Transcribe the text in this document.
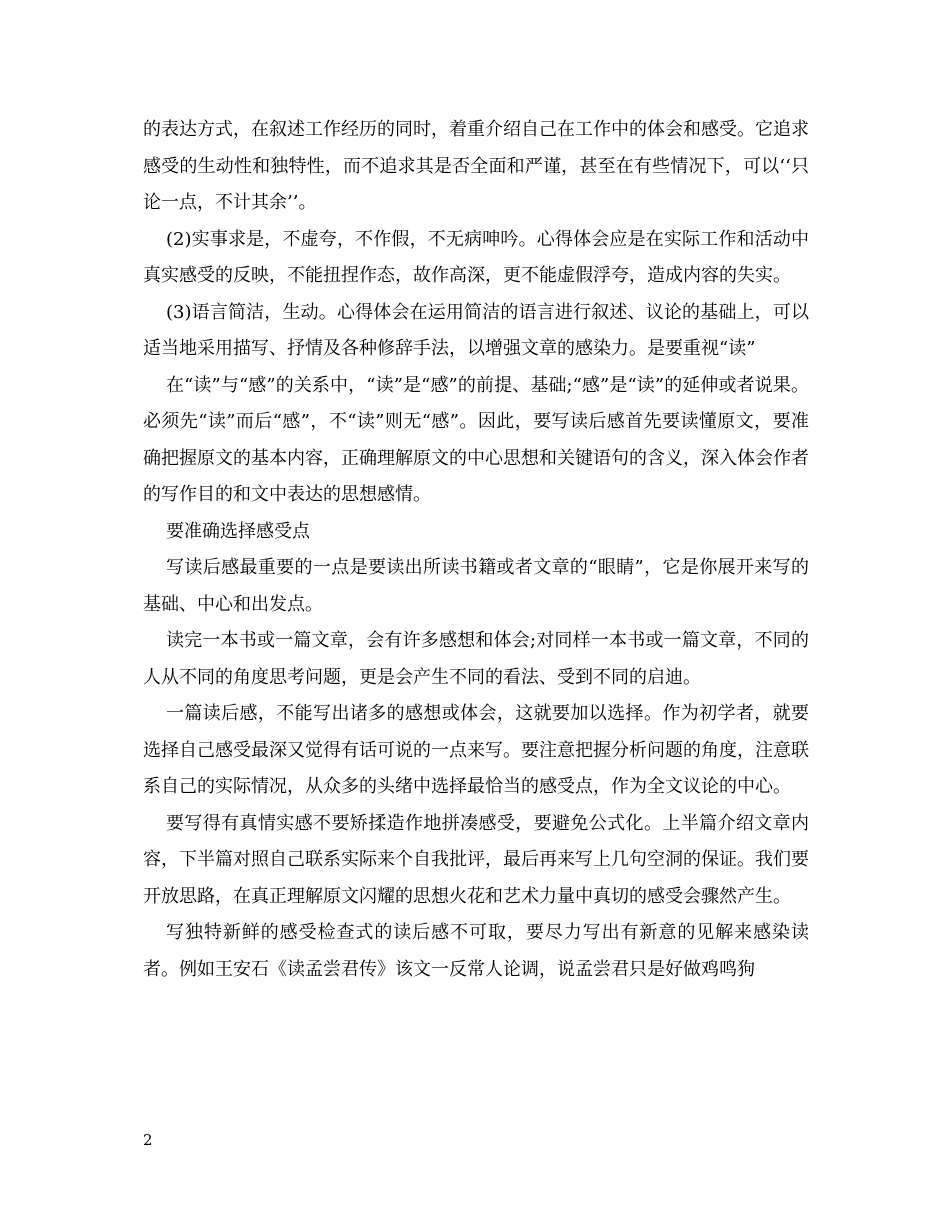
的表达方式，在叙述工作经历的同时，着重介绍自己在工作中的体会和感受。它追求感受的生动性和独特性，而不追求其是否全面和严谨，甚至在有些情况下，可以‘‘只论一点，不计其余’’。

(2)实事求是，不虚夸，不作假，不无病呻吟。心得体会应是在实际工作和活动中真实感受的反映，不能扭捏作态，故作高深，更不能虚假浮夸，造成内容的失实。

(3)语言简洁，生动。心得体会在运用简洁的语言进行叙述、议论的基础上，可以适当地采用描写、抒情及各种修辞手法，以增强文章的感染力。是要重视“读”

在“读”与“感”的关系中，“读”是“感”的前提、基础;“感”是“读”的延伸或者说果。必须先“读”而后“感”，不“读”则无“感”。因此，要写读后感首先要读懂原文，要准确把握原文的基本内容，正确理解原文的中心思想和关键语句的含义，深入体会作者的写作目的和文中表达的思想感情。

要准确选择感受点

写读后感最重要的一点是要读出所读书籍或者文章的“眼睛”，它是你展开来写的基础、中心和出发点。

读完一本书或一篇文章，会有许多感想和体会;对同样一本书或一篇文章，不同的人从不同的角度思考问题，更是会产生不同的看法、受到不同的启迪。

一篇读后感，不能写出诸多的感想或体会，这就要加以选择。作为初学者，就要选择自己感受最深又觉得有话可说的一点来写。要注意把握分析问题的角度，注意联系自己的实际情况，从众多的头绪中选择最恰当的感受点，作为全文议论的中心。

要写得有真情实感不要矫揉造作地拼凑感受，要避免公式化。上半篇介绍文章内容，下半篇对照自己联系实际来个自我批评，最后再来写上几句空洞的保证。我们要开放思路，在真正理解原文闪耀的思想火花和艺术力量中真切的感受会骤然产生。

写独特新鲜的感受检查式的读后感不可取，要尽力写出有新意的见解来感染读者。例如王安石《读孟尝君传》该文一反常人论调，说孟尝君只是好做鸡鸣狗

2
